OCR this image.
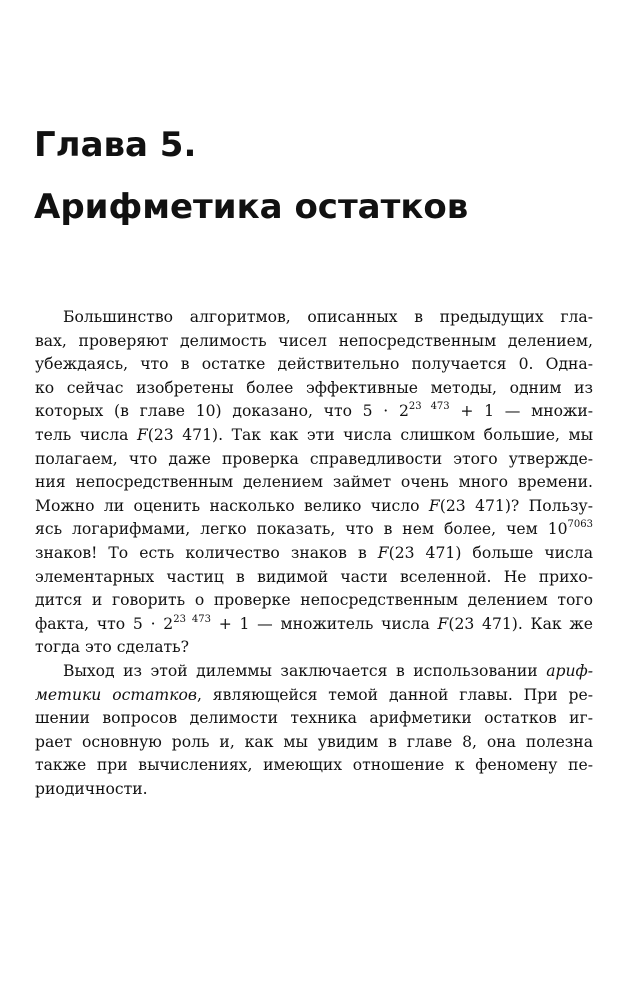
Глава 5.
Арифметика остатков

Большинство алгоритмов, описанных в предыдущих гла-
вах, проверяют делимость чисел непосредственным делением,
убеждаясь, что в остатке действительно получается 0. Одна-
ко сейчас изобретены более эффективные методы, одним из
которых (в главе 10) доказано, что $5 \cdot 2^{23 473} + 1$ — множи-
тель числа F(23 471). Так как эти числа слишком большие, мы
полагаем, что даже проверка справедливости этого утвержде-
ния непосредственным делением займет очень много времени.
Можно ли оценить насколько велико число F(23 471)? Пользу-
ясь логарифмами, легко показать, что в нем более, чем $10^{7063}$
знаков! То есть количество знаков в F(23 471) больше числа
элементарных частиц в видимой части вселенной. Не прихо-
дится и говорить о проверке непосредственным делением того
факта, что $5 \cdot 2^{23 473} + 1$ — множитель числа F(23 471). Как же
тогда это сделать?

Выход из этой дилеммы заключается в использовании ариф-
метики остатков, являющейся темой данной главы. При ре-
шении вопросов делимости техника арифметики остатков иг-
рает основную роль и, как мы увидим в главе 8, она полезна
также при вычислениях, имеющих отношение к феномену пе-
риодичности.
